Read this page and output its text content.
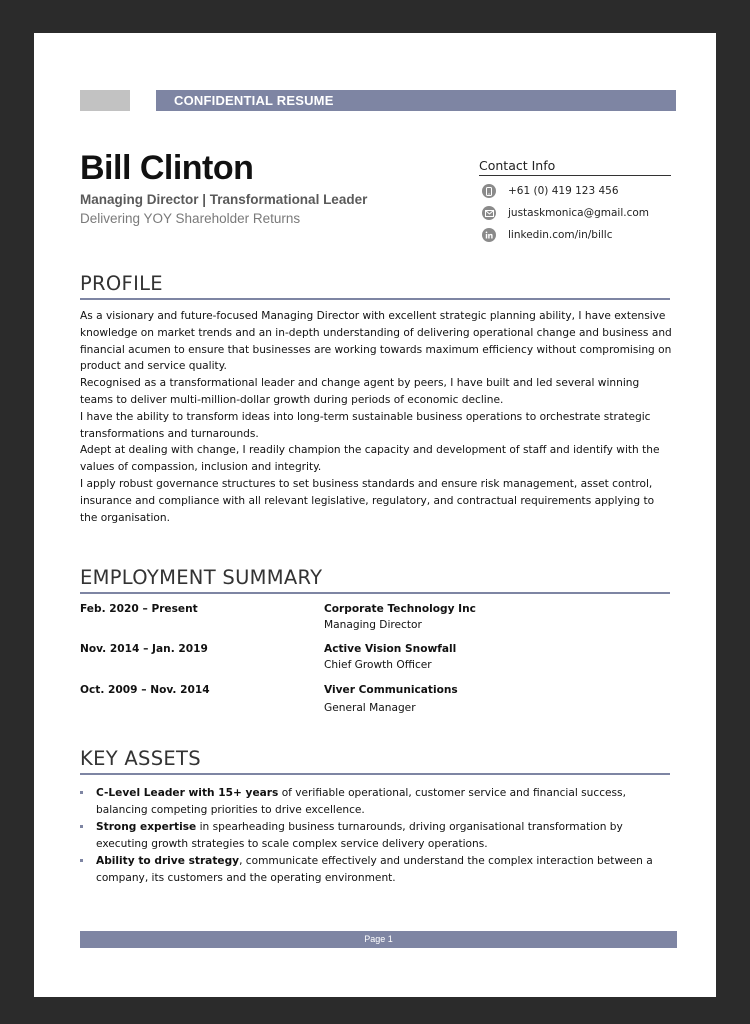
CONFIDENTIAL RESUME
Bill Clinton
Managing Director | Transformational Leader
Delivering YOY Shareholder Returns
Contact Info
+61 (0) 419 123 456
justaskmonica@gmail.com
linkedin.com/in/billc
PROFILE

As a visionary and future-focused Managing Director with excellent strategic planning ability, I have extensive knowledge on market trends and an in-depth understanding of delivering operational change and business and financial acumen to ensure that businesses are working towards maximum efficiency without compromising on product and service quality.

Recognised as a transformational leader and change agent by peers, I have built and led several winning teams to deliver multi-million-dollar growth during periods of economic decline.

I have the ability to transform ideas into long-term sustainable business operations to orchestrate strategic transformations and turnarounds.

Adept at dealing with change, I readily champion the capacity and development of staff and identify with the values of compassion, inclusion and integrity.

I apply robust governance structures to set business standards and ensure risk management, asset control, insurance and compliance with all relevant legislative, regulatory, and contractual requirements applying to the organisation.

EMPLOYMENT SUMMARY
Feb. 2020 – Present	Corporate Technology Inc
Managing Director
Nov. 2014 – Jan. 2019	Active Vision Snowfall
Chief Growth Officer
Oct. 2009 – Nov. 2014	Viver Communications
General Manager
KEY ASSETS
C-Level Leader with 15+ years of verifiable operational, customer service and financial success, balancing competing priorities to drive excellence.
Strong expertise in spearheading business turnarounds, driving organisational transformation by executing growth strategies to scale complex service delivery operations.
Ability to drive strategy, communicate effectively and understand the complex interaction between a company, its customers and the operating environment.
Page 1
